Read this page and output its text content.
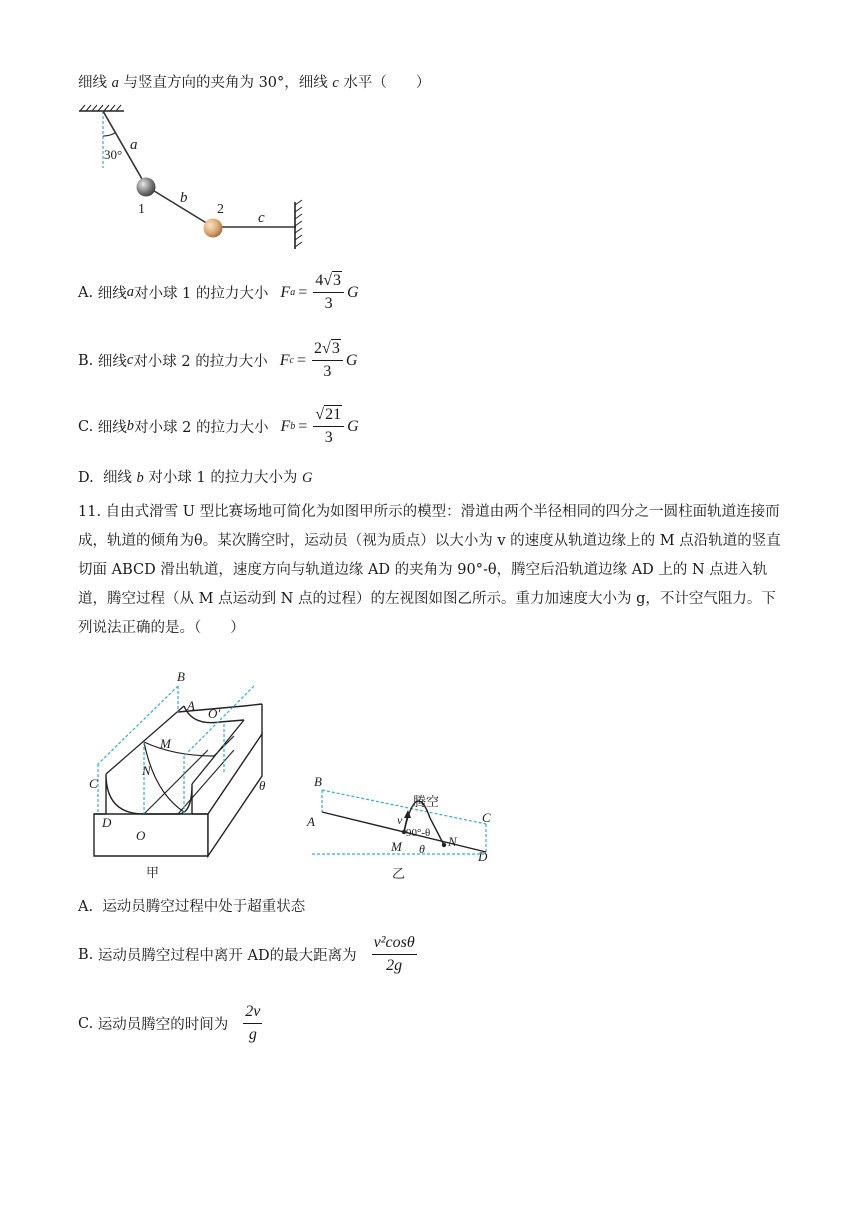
细线 a 与竖直方向的夹角为 30°，细线 c 水平（　　）
30°
a
b
c
1	2
A.
细线 a 对小球 1 的拉力大小 F $a = \frac{4√3}{3}$ G
B.
细线 c 对小球 2 的拉力大小 F $c = \frac{2√3}{3}$ G
C.
细线 b 对小球 2 的拉力大小 F $b = \frac{√21}{3}$ G
D. 细线 b 对小球 1 的拉力大小为 G
11. 自由式滑雪 U 型比赛场地可简化为如图甲所示的模型：滑道由两个半径相同的四分之一圆柱面轨道连接而成，轨道的倾角为θ。某次腾空时，运动员（视为质点）以大小为 v 的速度从轨道边缘上的 M 点沿轨道的竖直切面 ABCD 滑出轨道，速度方向与轨道边缘 AD 的夹角为 90°-θ，腾空后沿轨道边缘 AD 上的 N 点进入轨道，腾空过程（从 M 点运动到 N 点的过程）的左视图如图乙所示。重力加速度大小为 g，不计空气阻力。下列说法正确的是。（　　）
B
A
O′
M
N
C
D
O
θ
甲
B
A
腾空
C
v
90°-θ
M θ N
D
乙
A. 运动员腾空过程中处于超重状态
B.
运动员腾空过程中离开 AD的最大距离为 $\frac{\text{v²cosθ}}{2g}$
C.
运动员腾空的时间为 $\frac{2v}{g}$
